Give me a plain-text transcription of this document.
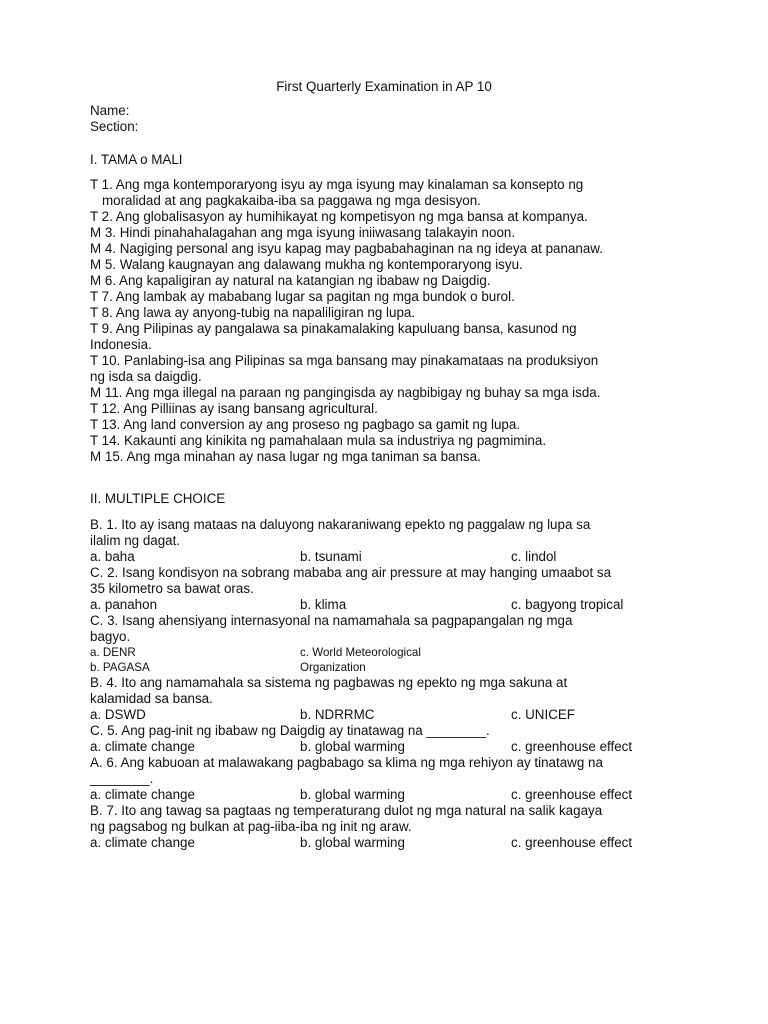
First Quarterly Examination in AP 10
Name:
Section:
I. TAMA o MALI
T 1. Ang mga kontemporaryong isyu ay mga isyung may kinalaman sa konsepto ng
moralidad at ang pagkakaiba-iba sa paggawa ng mga desisyon.
T 2. Ang globalisasyon ay humihikayat ng kompetisyon ng mga bansa at kompanya.
M 3. Hindi pinahahalagahan ang mga isyung iniiwasang talakayin noon.
M 4. Nagiging personal ang isyu kapag may pagbabahaginan na ng ideya at pananaw.
M 5. Walang kaugnayan ang dalawang mukha ng kontemporaryong isyu.
M 6. Ang kapaligiran ay natural na katangian ng ibabaw ng Daigdig.
T 7. Ang lambak ay mababang lugar sa pagitan ng mga bundok o burol.
T 8. Ang lawa ay anyong-tubig na napaliligiran ng lupa.
T 9. Ang Pilipinas ay pangalawa sa pinakamalaking kapuluang bansa, kasunod ng
Indonesia.
T 10. Panlabing-isa ang Pilipinas sa mga bansang may pinakamataas na produksiyon
ng isda sa daigdig.
M 11. Ang mga illegal na paraan ng pangingisda ay nagbibigay ng buhay sa mga isda.
T 12. Ang Pilliinas ay isang bansang agricultural.
T 13. Ang land conversion ay ang proseso ng pagbago sa gamit ng lupa.
T 14. Kakaunti ang kinikita ng pamahalaan mula sa industriya ng pagmimina.
M 15. Ang mga minahan ay nasa lugar ng mga taniman sa bansa.
II. MULTIPLE CHOICE
B. 1. Ito ay isang mataas na daluyong nakaraniwang epekto ng paggalaw ng lupa sa
ilalim ng dagat.
a. baha	b. tsunami	c. lindol
C. 2. Isang kondisyon na sobrang mababa ang air pressure at may hanging umaabot sa
35 kilometro sa bawat oras.
a. panahon	b. klima	c. bagyong tropical
C. 3. Isang ahensiyang internasyonal na namamahala sa pagpapangalan ng mga
bagyo.
a. DENR	c. World Meteorological
b. PAGASA	Organization
B. 4. Ito ang namamahala sa sistema ng pagbawas ng epekto ng mga sakuna at
kalamidad sa bansa.
a. DSWD	b. NDRRMC	c. UNICEF
C. 5. Ang pag-init ng ibabaw ng Daigdig ay tinatawag na ________.
a. climate change	b. global warming	c. greenhouse effect
A. 6. Ang kabuoan at malawakang pagbabago sa klima ng mga rehiyon ay tinatawg na
________.
a. climate change	b. global warming	c. greenhouse effect
B. 7. Ito ang tawag sa pagtaas ng temperaturang dulot ng mga natural na salik kagaya
ng pagsabog ng bulkan at pag-iiba-iba ng init ng araw.
a. climate change	b. global warming	c. greenhouse effect
